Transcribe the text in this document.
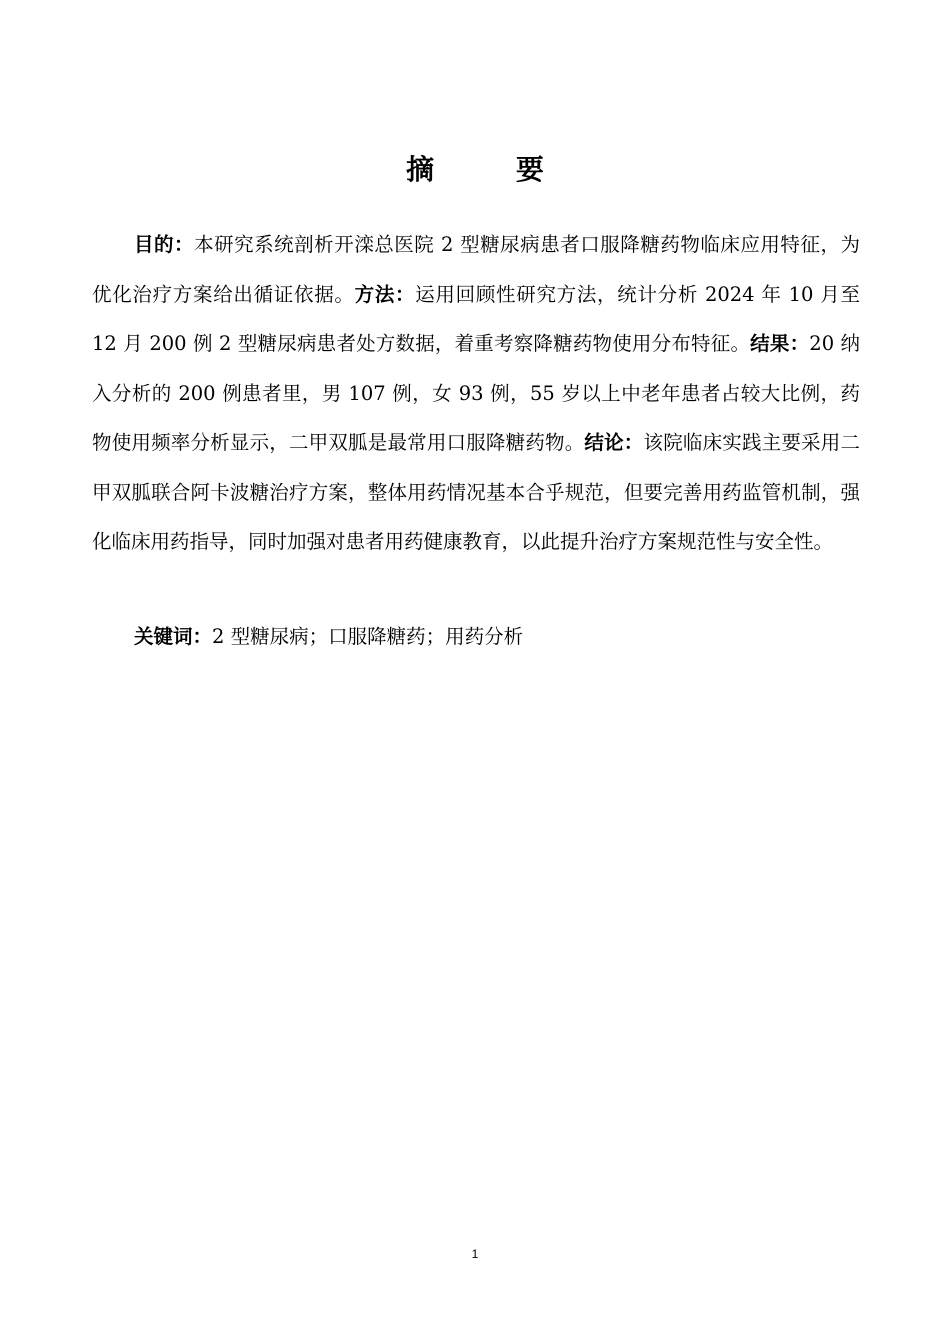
摘 要

目的：本研究系统剖析开滦总医院 2 型糖尿病患者口服降糖药物临床应用特征，为优化治疗方案给出循证依据。方法：运用回顾性研究方法，统计分析 2024 年 10 月至 12 月 200 例 2 型糖尿病患者处方数据，着重考察降糖药物使用分布特征。结果：20 纳入分析的 200 例患者里，男 107 例，女 93 例，55 岁以上中老年患者占较大比例，药物使用频率分析显示，二甲双胍是最常用口服降糖药物。结论：该院临床实践主要采用二甲双胍联合阿卡波糖治疗方案，整体用药情况基本合乎规范，但要完善用药监管机制，强化临床用药指导，同时加强对患者用药健康教育，以此提升治疗方案规范性与安全性。

关键词：2 型糖尿病；口服降糖药；用药分析

1
